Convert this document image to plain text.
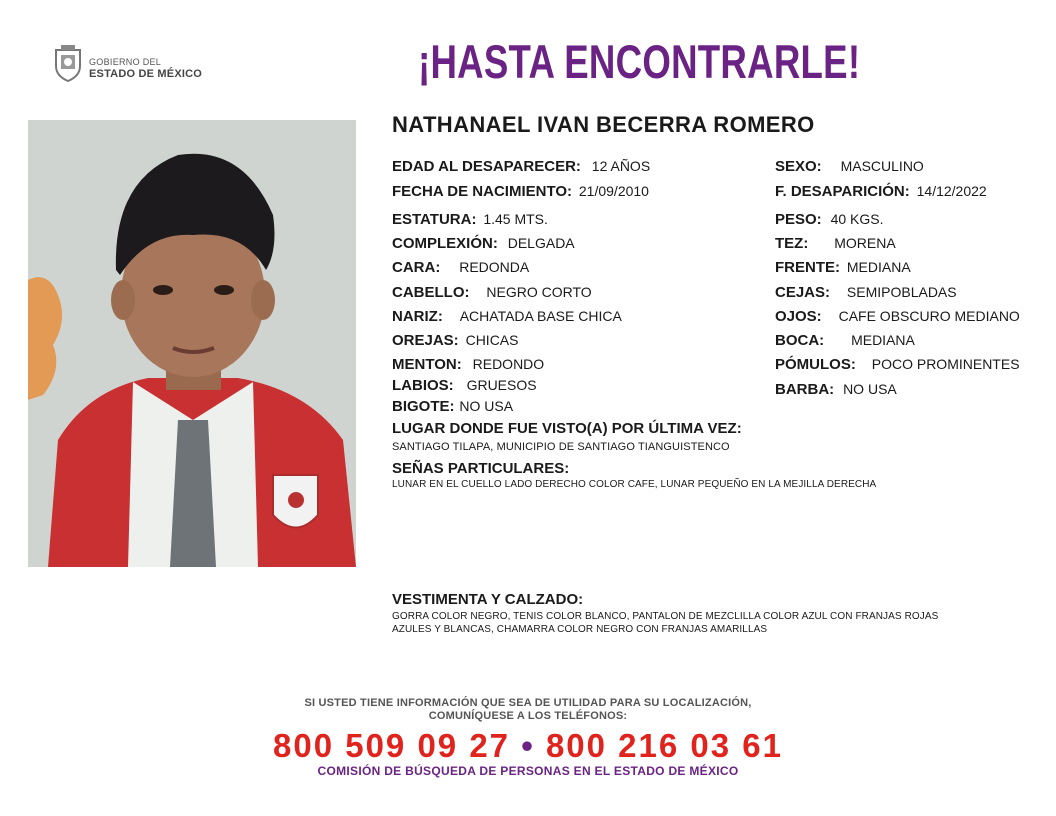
GOBIERNO DEL
ESTADO DE MÉXICO	¡HASTA ENCONTRARLE!
NATHANAEL IVAN BECERRA ROMERO
EDAD AL DESAPARECER: 12 AÑOS
FECHA DE NACIMIENTO: 21/09/2010
ESTATURA: 1.45 MTS.
COMPLEXIÓN: DELGADA
CARA: REDONDA
CABELLO: NEGRO CORTO
NARIZ: ACHATADA BASE CHICA
OREJAS: CHICAS
MENTON: REDONDO
LABIOS: GRUESOS
BIGOTE: NO USA
SEXO: MASCULINO
F. DESAPARICIÓN: 14/12/2022
PESO: 40 KGS.
TEZ: MORENA
FRENTE: MEDIANA
CEJAS: SEMIPOBLADAS
OJOS: CAFE OBSCURO MEDIANO
BOCA: MEDIANA
PÓMULOS: POCO PROMINENTES
BARBA: NO USA
LUGAR DONDE FUE VISTO(A) POR ÚLTIMA VEZ:
SANTIAGO TILAPA, MUNICIPIO DE SANTIAGO TIANGUISTENCO
SEÑAS PARTICULARES:
LUNAR EN EL CUELLO LADO DERECHO COLOR CAFE, LUNAR PEQUEÑO EN LA MEJILLA DERECHA
VESTIMENTA Y CALZADO:
GORRA COLOR NEGRO, TENIS COLOR BLANCO, PANTALON DE MEZCLILLA COLOR AZUL CON FRANJAS ROJAS
AZULES Y BLANCAS, CHAMARRA COLOR NEGRO CON FRANJAS AMARILLAS
SI USTED TIENE INFORMACIÓN QUE SEA DE UTILIDAD PARA SU LOCALIZACIÓN,
COMUNÍQUESE A LOS TELÉFONOS:
800 509 09 27 • 800 216 03 61
COMISIÓN DE BÚSQUEDA DE PERSONAS EN EL ESTADO DE MÉXICO
